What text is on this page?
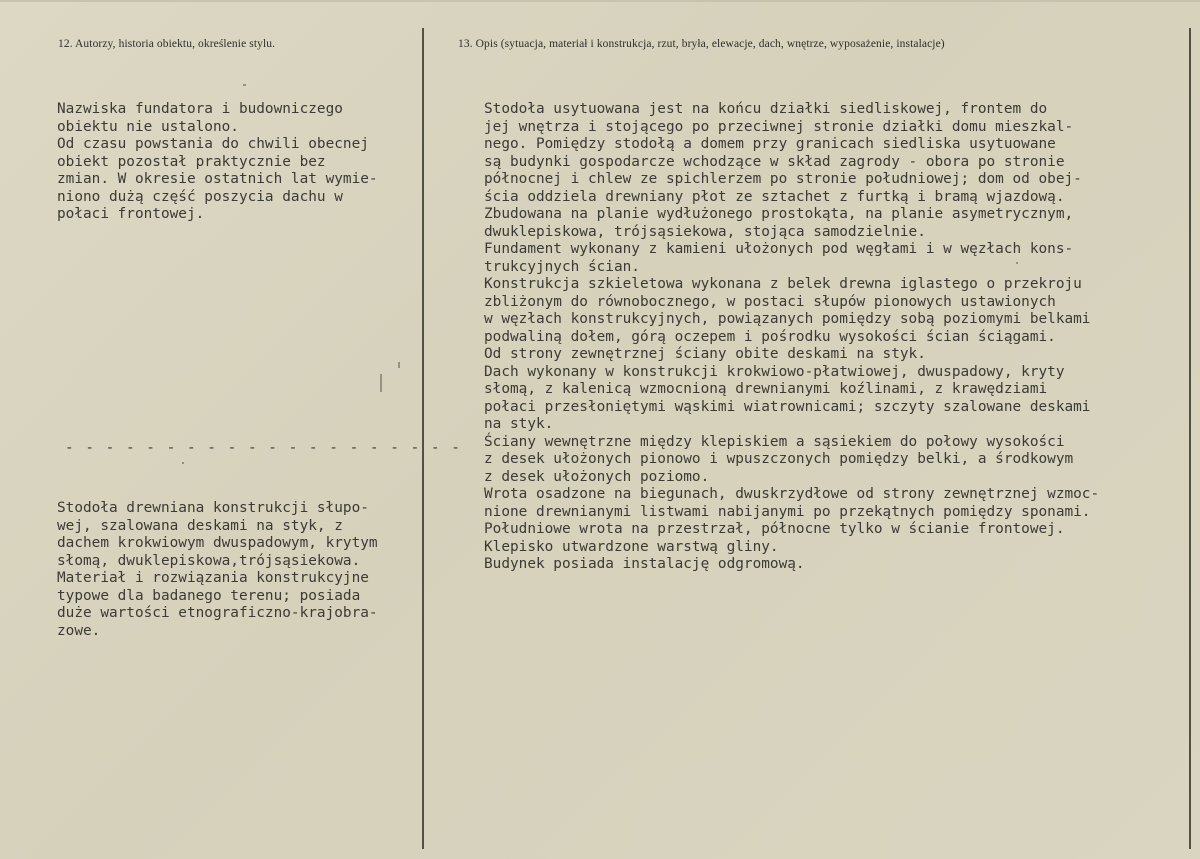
12. Autorzy, historia obiektu, określenie stylu.	13. Opis (sytuacja, materiał i konstrukcja, rzut, bryła, elewacje, dach, wnętrze, wyposażenie, instalacje)
Nazwiska fundatora i budowniczego
obiektu nie ustalono.
Od czasu powstania do chwili obecnej
obiekt pozostał praktycznie bez
zmian. W okresie ostatnich lat wymie-
niono dużą część poszycia dachu w
połaci frontowej.
- - - - - - - - - - - - - - - - - - - -
Stodoła drewniana konstrukcji słupo-
wej, szalowana deskami na styk, z
dachem krokwiowym dwuspadowym, krytym
słomą, dwuklepiskowa,trójsąsiekowa.
Materiał i rozwiązania konstrukcyjne
typowe dla badanego terenu; posiada
duże wartości etnograficzno-krajobra-
zowe.
Stodoła usytuowana jest na końcu działki siedliskowej, frontem do
jej wnętrza i stojącego po przeciwnej stronie działki domu mieszkal-
nego. Pomiędzy stodołą a domem przy granicach siedliska usytuowane
są budynki gospodarcze wchodzące w skład zagrody - obora po stronie
północnej i chlew ze spichlerzem po stronie południowej; dom od obej-
ścia oddziela drewniany płot ze sztachet z furtką i bramą wjazdową.
Zbudowana na planie wydłużonego prostokąta, na planie asymetrycznym,
dwuklepiskowa, trójsąsiekowa, stojąca samodzielnie.
Fundament wykonany z kamieni ułożonych pod węgłami i w węzłach kons-
trukcyjnych ścian.
Konstrukcja szkieletowa wykonana z belek drewna iglastego o przekroju
zbliżonym do równobocznego, w postaci słupów pionowych ustawionych
w węzłach konstrukcyjnych, powiązanych pomiędzy sobą poziomymi belkami
podwaliną dołem, górą oczepem i pośrodku wysokości ścian ściągami.
Od strony zewnętrznej ściany obite deskami na styk.
Dach wykonany w konstrukcji krokwiowo-płatwiowej, dwuspadowy, kryty
słomą, z kalenicą wzmocnioną drewnianymi koźlinami, z krawędziami
połaci przesłoniętymi wąskimi wiatrownicami; szczyty szalowane deskami
na styk.
Ściany wewnętrzne między klepiskiem a sąsiekiem do połowy wysokości
z desek ułożonych pionowo i wpuszczonych pomiędzy belki, a środkowym
z desek ułożonych poziomo.
Wrota osadzone na biegunach, dwuskrzydłowe od strony zewnętrznej wzmoc-
nione drewnianymi listwami nabijanymi po przekątnych pomiędzy sponami.
Południowe wrota na przestrzał, północne tylko w ścianie frontowej.
Klepisko utwardzone warstwą gliny.
Budynek posiada instalację odgromową.
